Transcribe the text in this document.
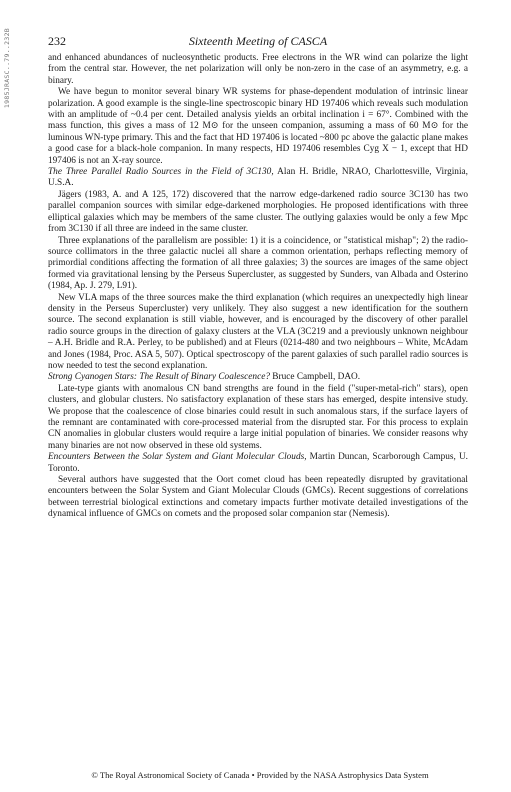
1985JRASC..79..232B	232	Sixteenth Meeting of CASCA

and enhanced abundances of nucleosynthetic products. Free electrons in the WR wind can polarize the light from the central star. However, the net polarization will only be non-zero in the case of an asymmetry, e.g. a binary.

We have begun to monitor several binary WR systems for phase-dependent modulation of intrinsic linear polarization. A good example is the single-line spectroscopic binary HD 197406 which reveals such modulation with an amplitude of ~0.4 per cent. Detailed analysis yields an orbital inclination i = 67°. Combined with the mass function, this gives a mass of 12 M⊙ for the unseen companion, assuming a mass of 60 M⊙ for the luminous WN-type primary. This and the fact that HD 197406 is located ~800 pc above the galactic plane makes a good case for a black-hole companion. In many respects, HD 197406 resembles Cyg X − 1, except that HD 197406 is not an X-ray source.

The Three Parallel Radio Sources in the Field of 3C130, Alan H. Bridle, NRAO, Charlottesville, Virginia, U.S.A.

Jägers (1983, A. and A 125, 172) discovered that the narrow edge-darkened radio source 3C130 has two parallel companion sources with similar edge-darkened morphologies. He proposed identifications with three elliptical galaxies which may be members of the same cluster. The outlying galaxies would be only a few Mpc from 3C130 if all three are indeed in the same cluster.

Three explanations of the parallelism are possible: 1) it is a coincidence, or "statistical mishap"; 2) the radio-source collimators in the three galactic nuclei all share a common orientation, perhaps reflecting memory of primordial conditions affecting the formation of all three galaxies; 3) the sources are images of the same object formed via gravitational lensing by the Perseus Supercluster, as suggested by Sunders, van Albada and Osterino (1984, Ap. J. 279, L91).

New VLA maps of the three sources make the third explanation (which requires an unexpectedly high linear density in the Perseus Supercluster) very unlikely. They also suggest a new identification for the southern source. The second explanation is still viable, however, and is encouraged by the discovery of other parallel radio source groups in the direction of galaxy clusters at the VLA (3C219 and a previously unknown neighbour – A.H. Bridle and R.A. Perley, to be published) and at Fleurs (0214-480 and two neighbours – White, McAdam and Jones (1984, Proc. ASA 5, 507). Optical spectroscopy of the parent galaxies of such parallel radio sources is now needed to test the second explanation.

Strong Cyanogen Stars: The Result of Binary Coalescence? Bruce Campbell, DAO.

Late-type giants with anomalous CN band strengths are found in the field ("super-metal-rich" stars), open clusters, and globular clusters. No satisfactory explanation of these stars has emerged, despite intensive study. We propose that the coalescence of close binaries could result in such anomalous stars, if the surface layers of the remnant are contaminated with core-processed material from the disrupted star. For this process to explain CN anomalies in globular clusters would require a large initial population of binaries. We consider reasons why many binaries are not now observed in these old systems.

Encounters Between the Solar System and Giant Molecular Clouds, Martin Duncan, Scarborough Campus, U. Toronto.

Several authors have suggested that the Oort comet cloud has been repeatedly disrupted by gravitational encounters between the Solar System and Giant Molecular Clouds (GMCs). Recent suggestions of correlations between terrestrial biological extinctions and cometary impacts further motivate detailed investigations of the dynamical influence of GMCs on comets and the proposed solar companion star (Nemesis).

© The Royal Astronomical Society of Canada • Provided by the NASA Astrophysics Data System
